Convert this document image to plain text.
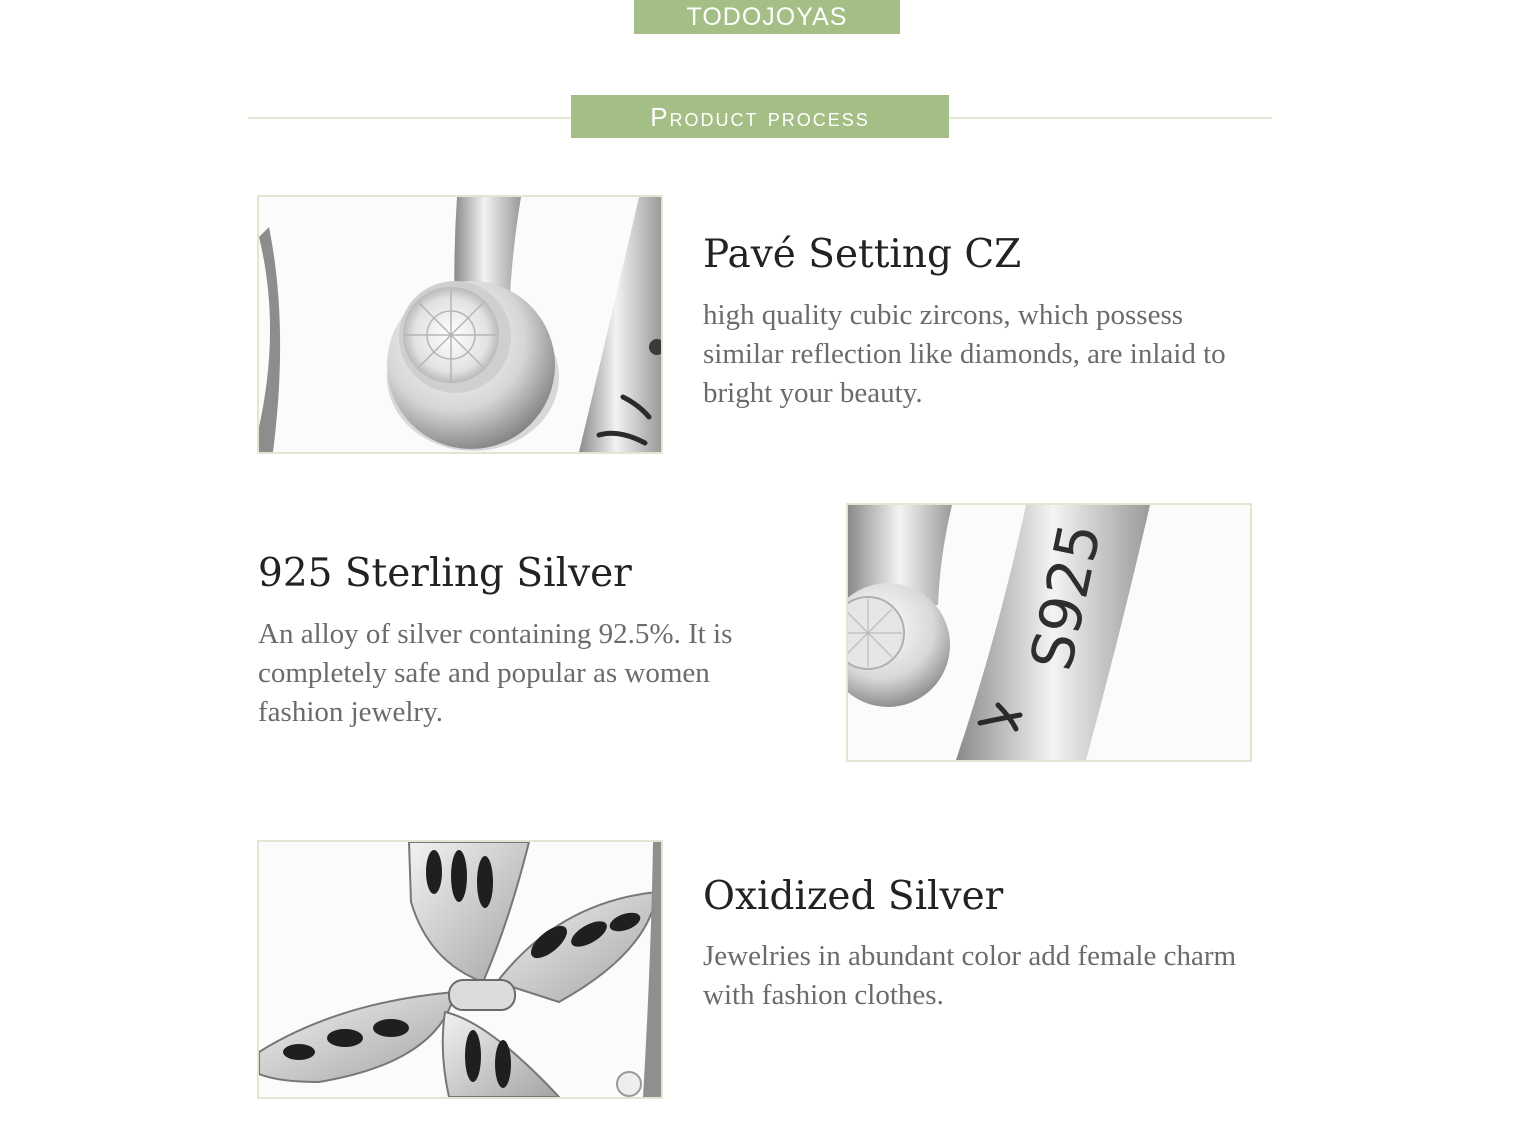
TODOJOYAS
Product process
Pavé Setting CZ

high quality cubic zircons, which possess similar reflection like diamonds, are inlaid to bright your beauty.

925 Sterling Silver

An alloy of silver containing 92.5%. It is completely safe and popular as women fashion jewelry.

S925
Oxidized Silver

Jewelries in abundant color add female charm with fashion clothes.
